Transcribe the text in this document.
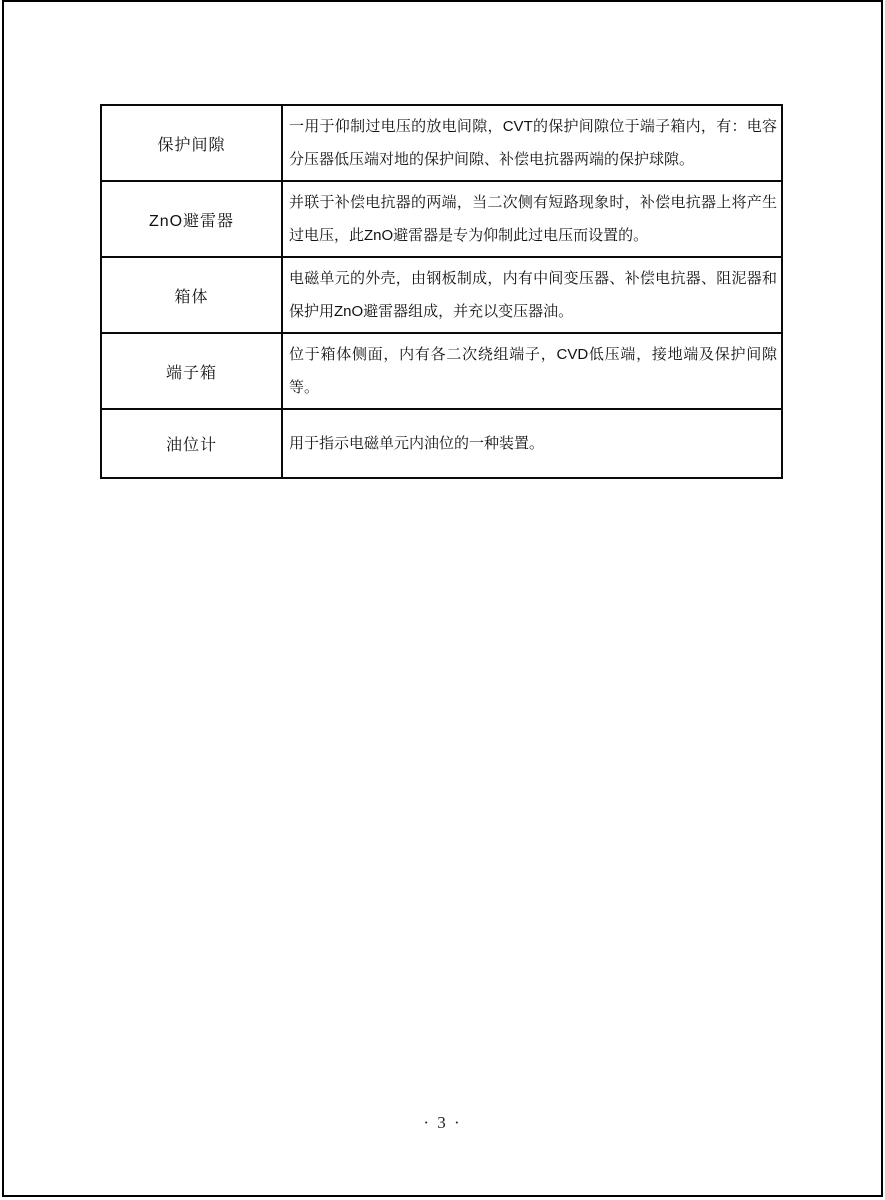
保护间隙	一用于仰制过电压的放电间隙，CVT的保护间隙位于端子箱内，有：电容分压器低压端对地的保护间隙、补偿电抗器两端的保护球隙。
ZnO避雷器	并联于补偿电抗器的两端，当二次侧有短路现象时，补偿电抗器上将产生过电压，此ZnO避雷器是专为仰制此过电压而设置的。
箱体	电磁单元的外壳，由钢板制成，内有中间变压器、补偿电抗器、阻泥器和保护用ZnO避雷器组成，并充以变压器油。
端子箱	位于箱体侧面，内有各二次绕组端子，CVD低压端，接地端及保护间隙等。
油位计	用于指示电磁单元内油位的一种装置。
· 3 ·
